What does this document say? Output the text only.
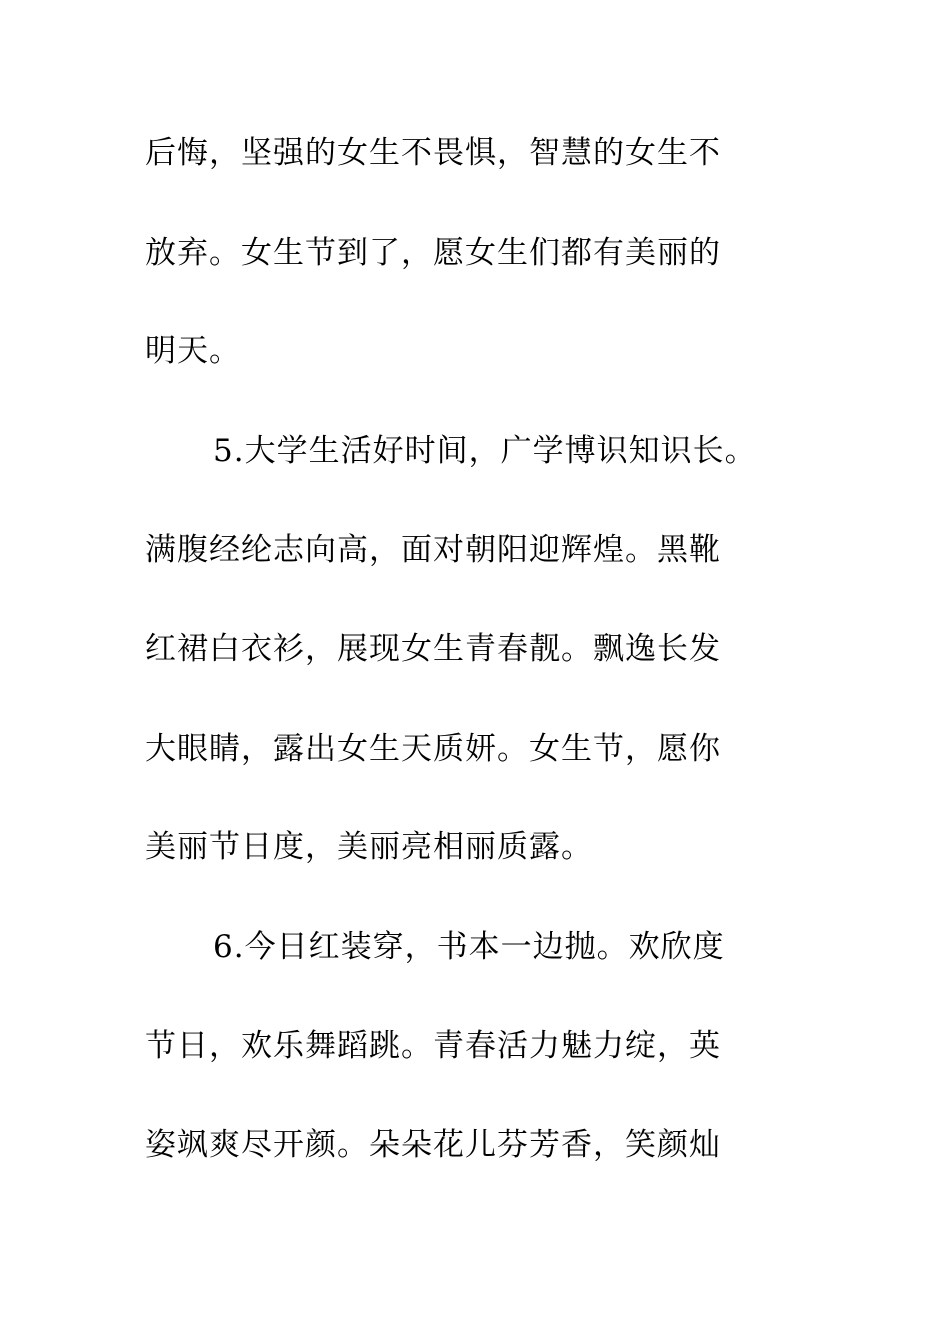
后悔，坚强的女生不畏惧，智慧的女生不
放弃。女生节到了，愿女生们都有美丽的
明天。
5.大学生活好时间，广学博识知识长。
满腹经纶志向高，面对朝阳迎辉煌。黑靴
红裙白衣衫，展现女生青春靓。飘逸长发
大眼睛，露出女生天质妍。女生节，愿你
美丽节日度，美丽亮相丽质露。
6.今日红装穿，书本一边抛。欢欣度
节日，欢乐舞蹈跳。青春活力魅力绽，英
姿飒爽尽开颜。朵朵花儿芬芳香，笑颜灿
